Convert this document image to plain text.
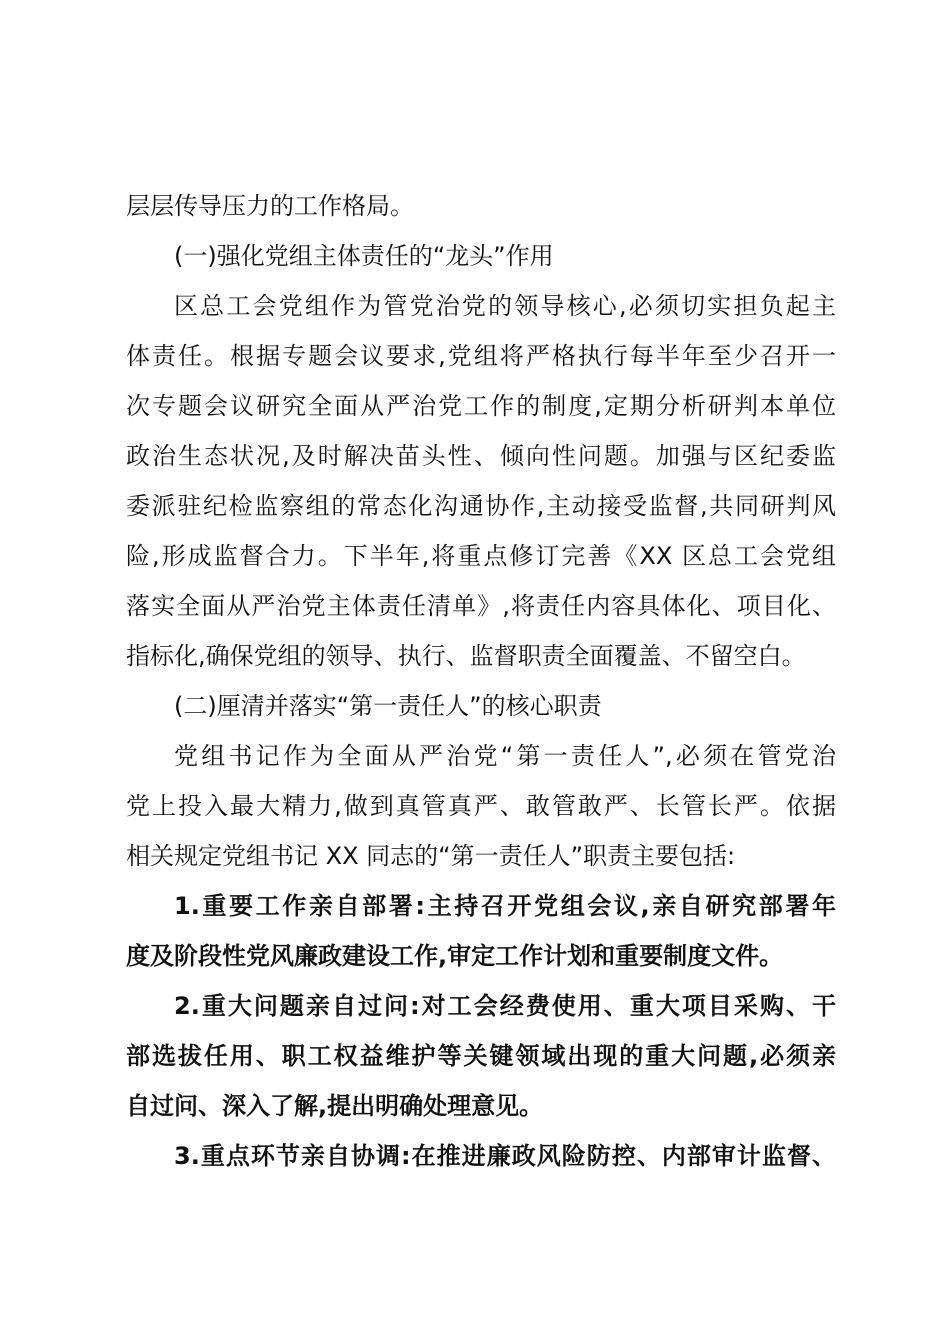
层层传导压力的工作格局。
(一)强化党组主体责任的“龙头”作用
区总工会党组作为管党治党的领导核心,必须切实担负起主
体责任。根据专题会议要求,党组将严格执行每半年至少召开一
次专题会议研究全面从严治党工作的制度,定期分析研判本单位
政治生态状况,及时解决苗头性、倾向性问题。加强与区纪委监
委派驻纪检监察组的常态化沟通协作,主动接受监督,共同研判风
险,形成监督合力。下半年,将重点修订完善《XX 区总工会党组
落实全面从严治党主体责任清单》,将责任内容具体化、项目化、
指标化,确保党组的领导、执行、监督职责全面覆盖、不留空白。
(二)厘清并落实“第一责任人”的核心职责
党组书记作为全面从严治党“第一责任人”,必须在管党治
党上投入最大精力,做到真管真严、敢管敢严、长管长严。依据
相关规定党组书记 XX 同志的“第一责任人”职责主要包括:
1.重要工作亲自部署:主持召开党组会议,亲自研究部署年
度及阶段性党风廉政建设工作,审定工作计划和重要制度文件。
2.重大问题亲自过问:对工会经费使用、重大项目采购、干
部选拔任用、职工权益维护等关键领域出现的重大问题,必须亲
自过问、深入了解,提出明确处理意见。
3.重点环节亲自协调:在推进廉政风险防控、内部审计监督、
